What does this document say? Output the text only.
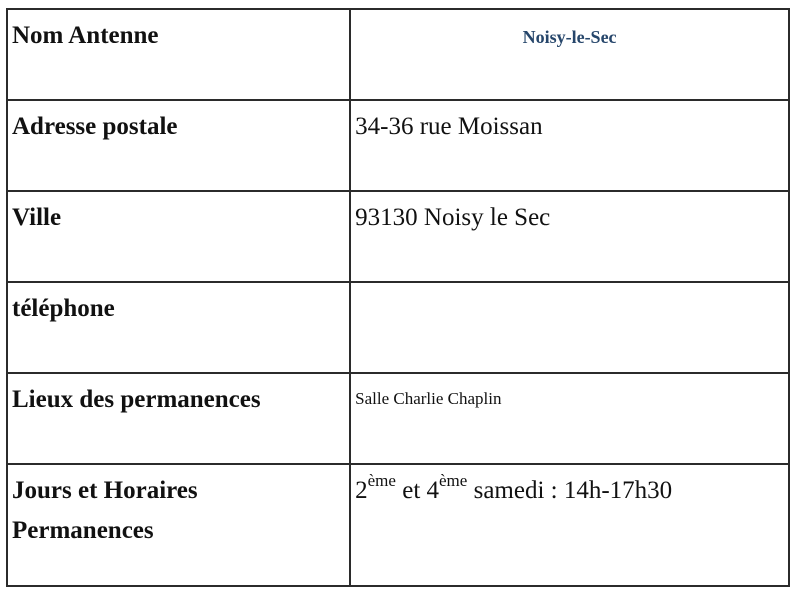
Nom Antenne	Noisy-le-Sec

Adresse postale	34-36 rue Moissan

Ville	93130 Noisy le Sec

téléphone	

Lieux des permanences	Salle Charlie Chaplin

Jours et Horaires Permanences	2ème et 4ème samedi : 14h-17h30
